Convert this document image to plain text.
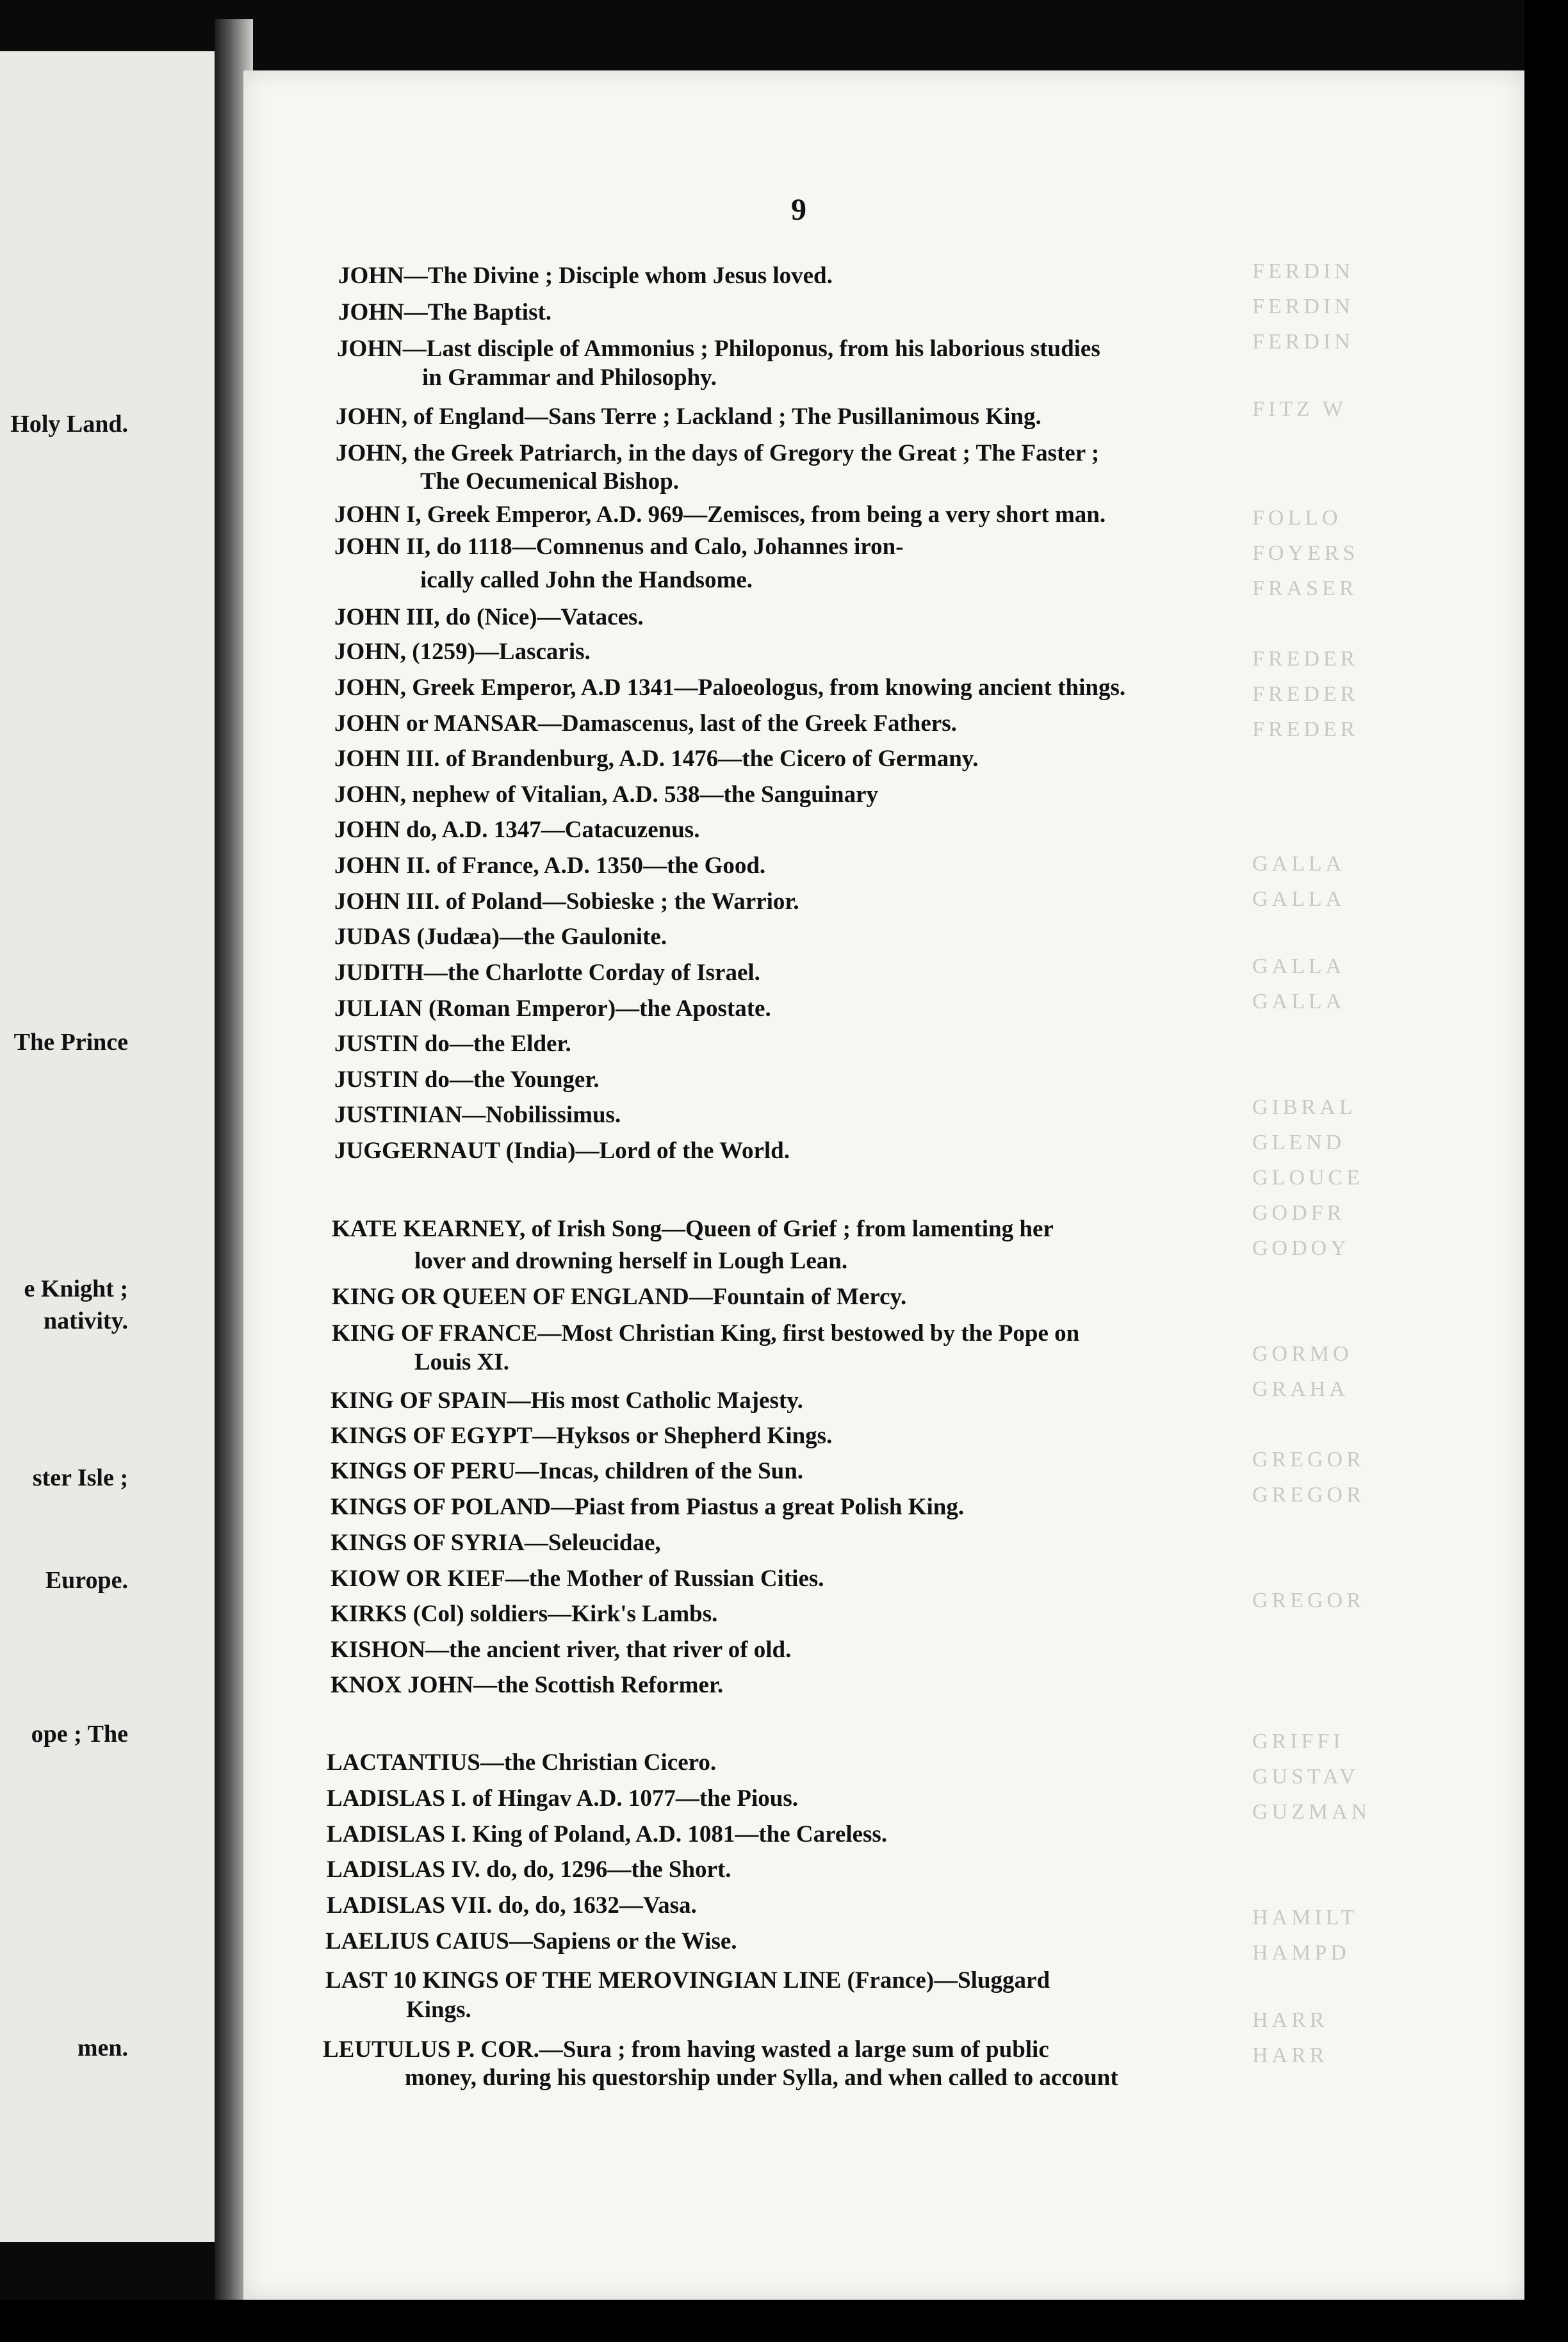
Holy Land.
The Prince
e Knight ;
nativity.
ster Isle ;
Europe.
ope ; The
men.
FERDIN
FERDIN
FERDIN
FITZ W
FOLLO
FOYERS
FRASER
FREDER
FREDER
FREDER
GALLA
GALLA
GALLA
GALLA
GIBRAL
GLEND
GLOUCE
GODFR
GODOY
GORMO
GRAHA
GREGOR
GREGOR
GREGOR
GRIFFI
GUSTAV
GUZMAN
HAMILT
HAMPD
HARR
HARR
9
JOHN—The Divine ; Disciple whom Jesus loved.
JOHN—The Baptist.
JOHN—Last disciple of Ammonius ; Philoponus, from his laborious studies
in Grammar and Philosophy.
JOHN, of England—Sans Terre ; Lackland ; The Pusillanimous King.
JOHN, the Greek Patriarch, in the days of Gregory the Great ; The Faster ;
The Oecumenical Bishop.
JOHN I, Greek Emperor, A.D. 969—Zemisces, from being a very short man.
JOHN II, do 1118—Comnenus and Calo, Johannes iron-
ically called John the Handsome.
JOHN III, do (Nice)—Vataces.
JOHN, (1259)—Lascaris.
JOHN, Greek Emperor, A.D 1341—Paloeologus, from knowing ancient things.
JOHN or MANSAR—Damascenus, last of the Greek Fathers.
JOHN III. of Brandenburg, A.D. 1476—the Cicero of Germany.
JOHN, nephew of Vitalian, A.D. 538—the Sanguinary
JOHN do, A.D. 1347—Catacuzenus.
JOHN II. of France, A.D. 1350—the Good.
JOHN III. of Poland—Sobieske ; the Warrior.
JUDAS (Judæa)—the Gaulonite.
JUDITH—the Charlotte Corday of Israel.
JULIAN (Roman Emperor)—the Apostate.
JUSTIN do—the Elder.
JUSTIN do—the Younger.
JUSTINIAN—Nobilissimus.
JUGGERNAUT (India)—Lord of the World.
KATE KEARNEY, of Irish Song—Queen of Grief ; from lamenting her
lover and drowning herself in Lough Lean.
KING OR QUEEN OF ENGLAND—Fountain of Mercy.
KING OF FRANCE—Most Christian King, first bestowed by the Pope on
Louis XI.
KING OF SPAIN—His most Catholic Majesty.
KINGS OF EGYPT—Hyksos or Shepherd Kings.
KINGS OF PERU—Incas, children of the Sun.
KINGS OF POLAND—Piast from Piastus a great Polish King.
KINGS OF SYRIA—Seleucidae,
KIOW OR KIEF—the Mother of Russian Cities.
KIRKS (Col) soldiers—Kirk's Lambs.
KISHON—the ancient river, that river of old.
KNOX JOHN—the Scottish Reformer.
LACTANTIUS—the Christian Cicero.
LADISLAS I. of Hingav A.D. 1077—the Pious.
LADISLAS I. King of Poland, A.D. 1081—the Careless.
LADISLAS IV. do, do, 1296—the Short.
LADISLAS VII. do, do, 1632—Vasa.
LAELIUS CAIUS—Sapiens or the Wise.
LAST 10 KINGS OF THE MEROVINGIAN LINE (France)—Sluggard
Kings.
LEUTULUS P. COR.—Sura ; from having wasted a large sum of public
money, during his questorship under Sylla, and when called to account
